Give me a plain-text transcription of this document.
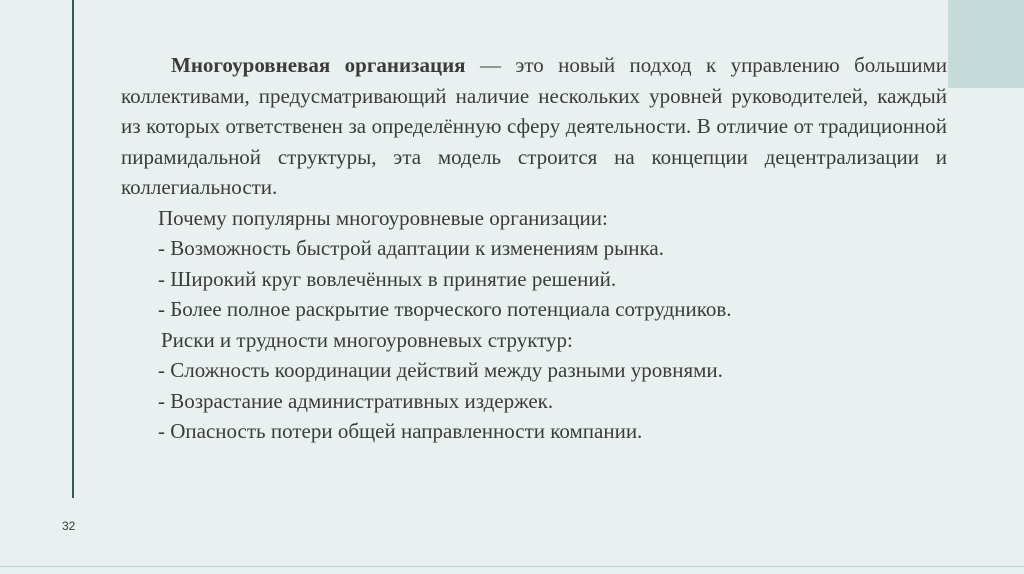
Многоуровневая организация — это новый подход к управлению большими коллективами, предусматривающий наличие нескольких уровней руководителей, каждый из которых ответственен за определённую сферу деятельности. В отличие от традиционной пирамидальной структуры, эта модель строится на концепции децентрализации и коллегиальности.

Почему популярны многоуровневые организации:

- Возможность быстрой адаптации к изменениям рынка.

- Широкий круг вовлечённых в принятие решений.

- Более полное раскрытие творческого потенциала сотрудников.

Риски и трудности многоуровневых структур:

- Сложность координации действий между разными уровнями.

- Возрастание административных издержек.

- Опасность потери общей направленности компании.

32
